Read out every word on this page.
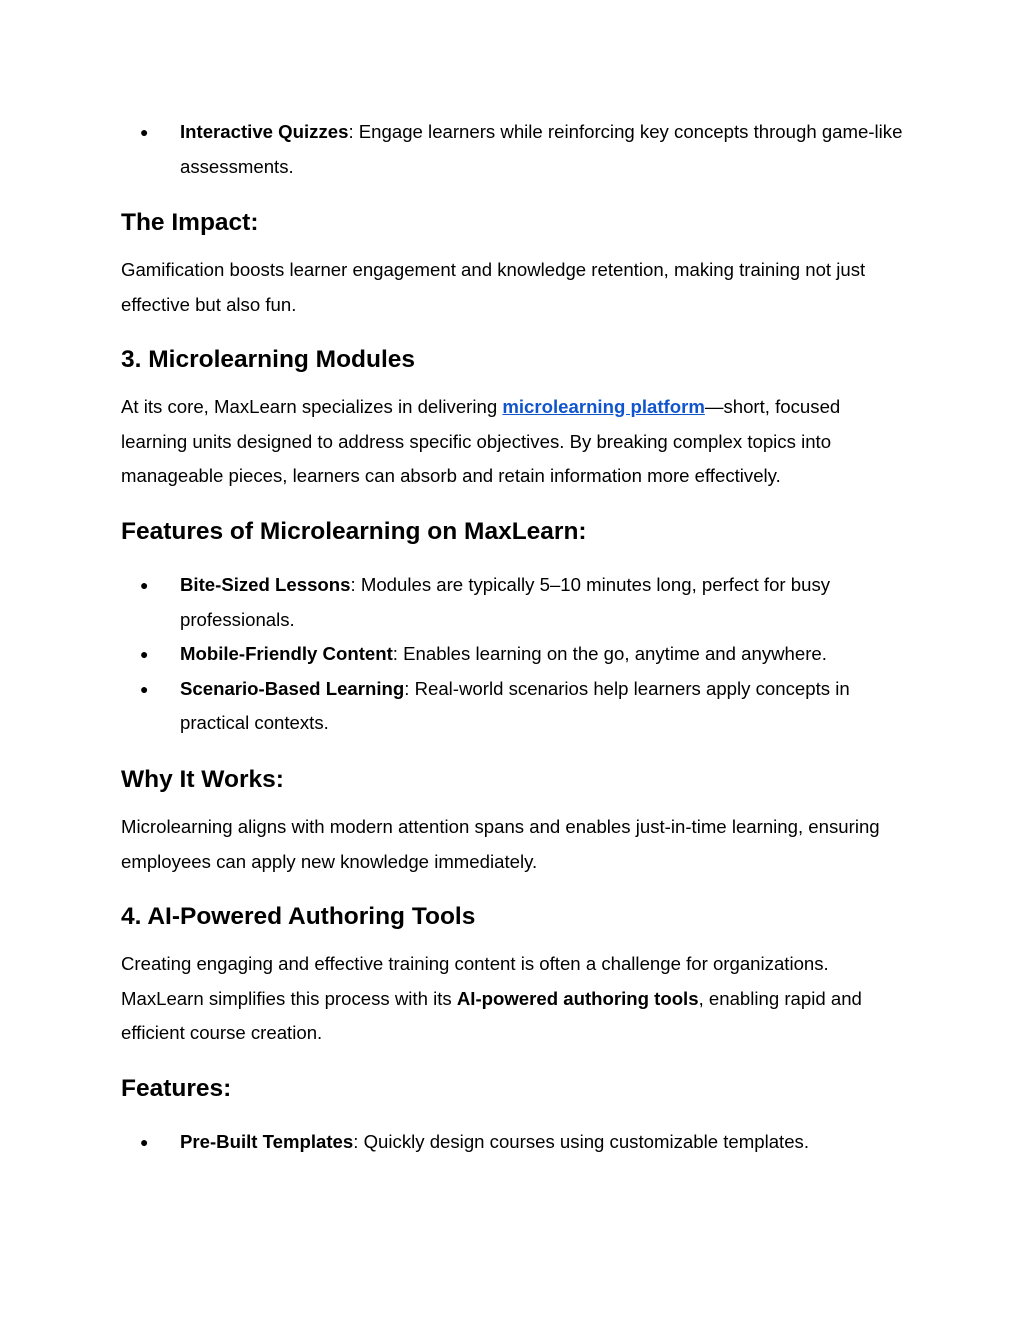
● Interactive Quizzes: Engage learners while reinforcing key concepts through game-like assessments.
The Impact:

Gamification boosts learner engagement and knowledge retention, making training not just effective but also fun.

3. Microlearning Modules

At its core, MaxLearn specializes in delivering microlearning platform—short, focused learning units designed to address specific objectives. By breaking complex topics into manageable pieces, learners can absorb and retain information more effectively.

Features of Microlearning on MaxLearn:
● Bite-Sized Lessons: Modules are typically 5–10 minutes long, perfect for busy professionals.
● Mobile-Friendly Content: Enables learning on the go, anytime and anywhere.
● Scenario-Based Learning: Real-world scenarios help learners apply concepts in practical contexts.
Why It Works:

Microlearning aligns with modern attention spans and enables just-in-time learning, ensuring employees can apply new knowledge immediately.

4. AI-Powered Authoring Tools

Creating engaging and effective training content is often a challenge for organizations. MaxLearn simplifies this process with its AI-powered authoring tools, enabling rapid and efficient course creation.

Features:
● Pre-Built Templates: Quickly design courses using customizable templates.
